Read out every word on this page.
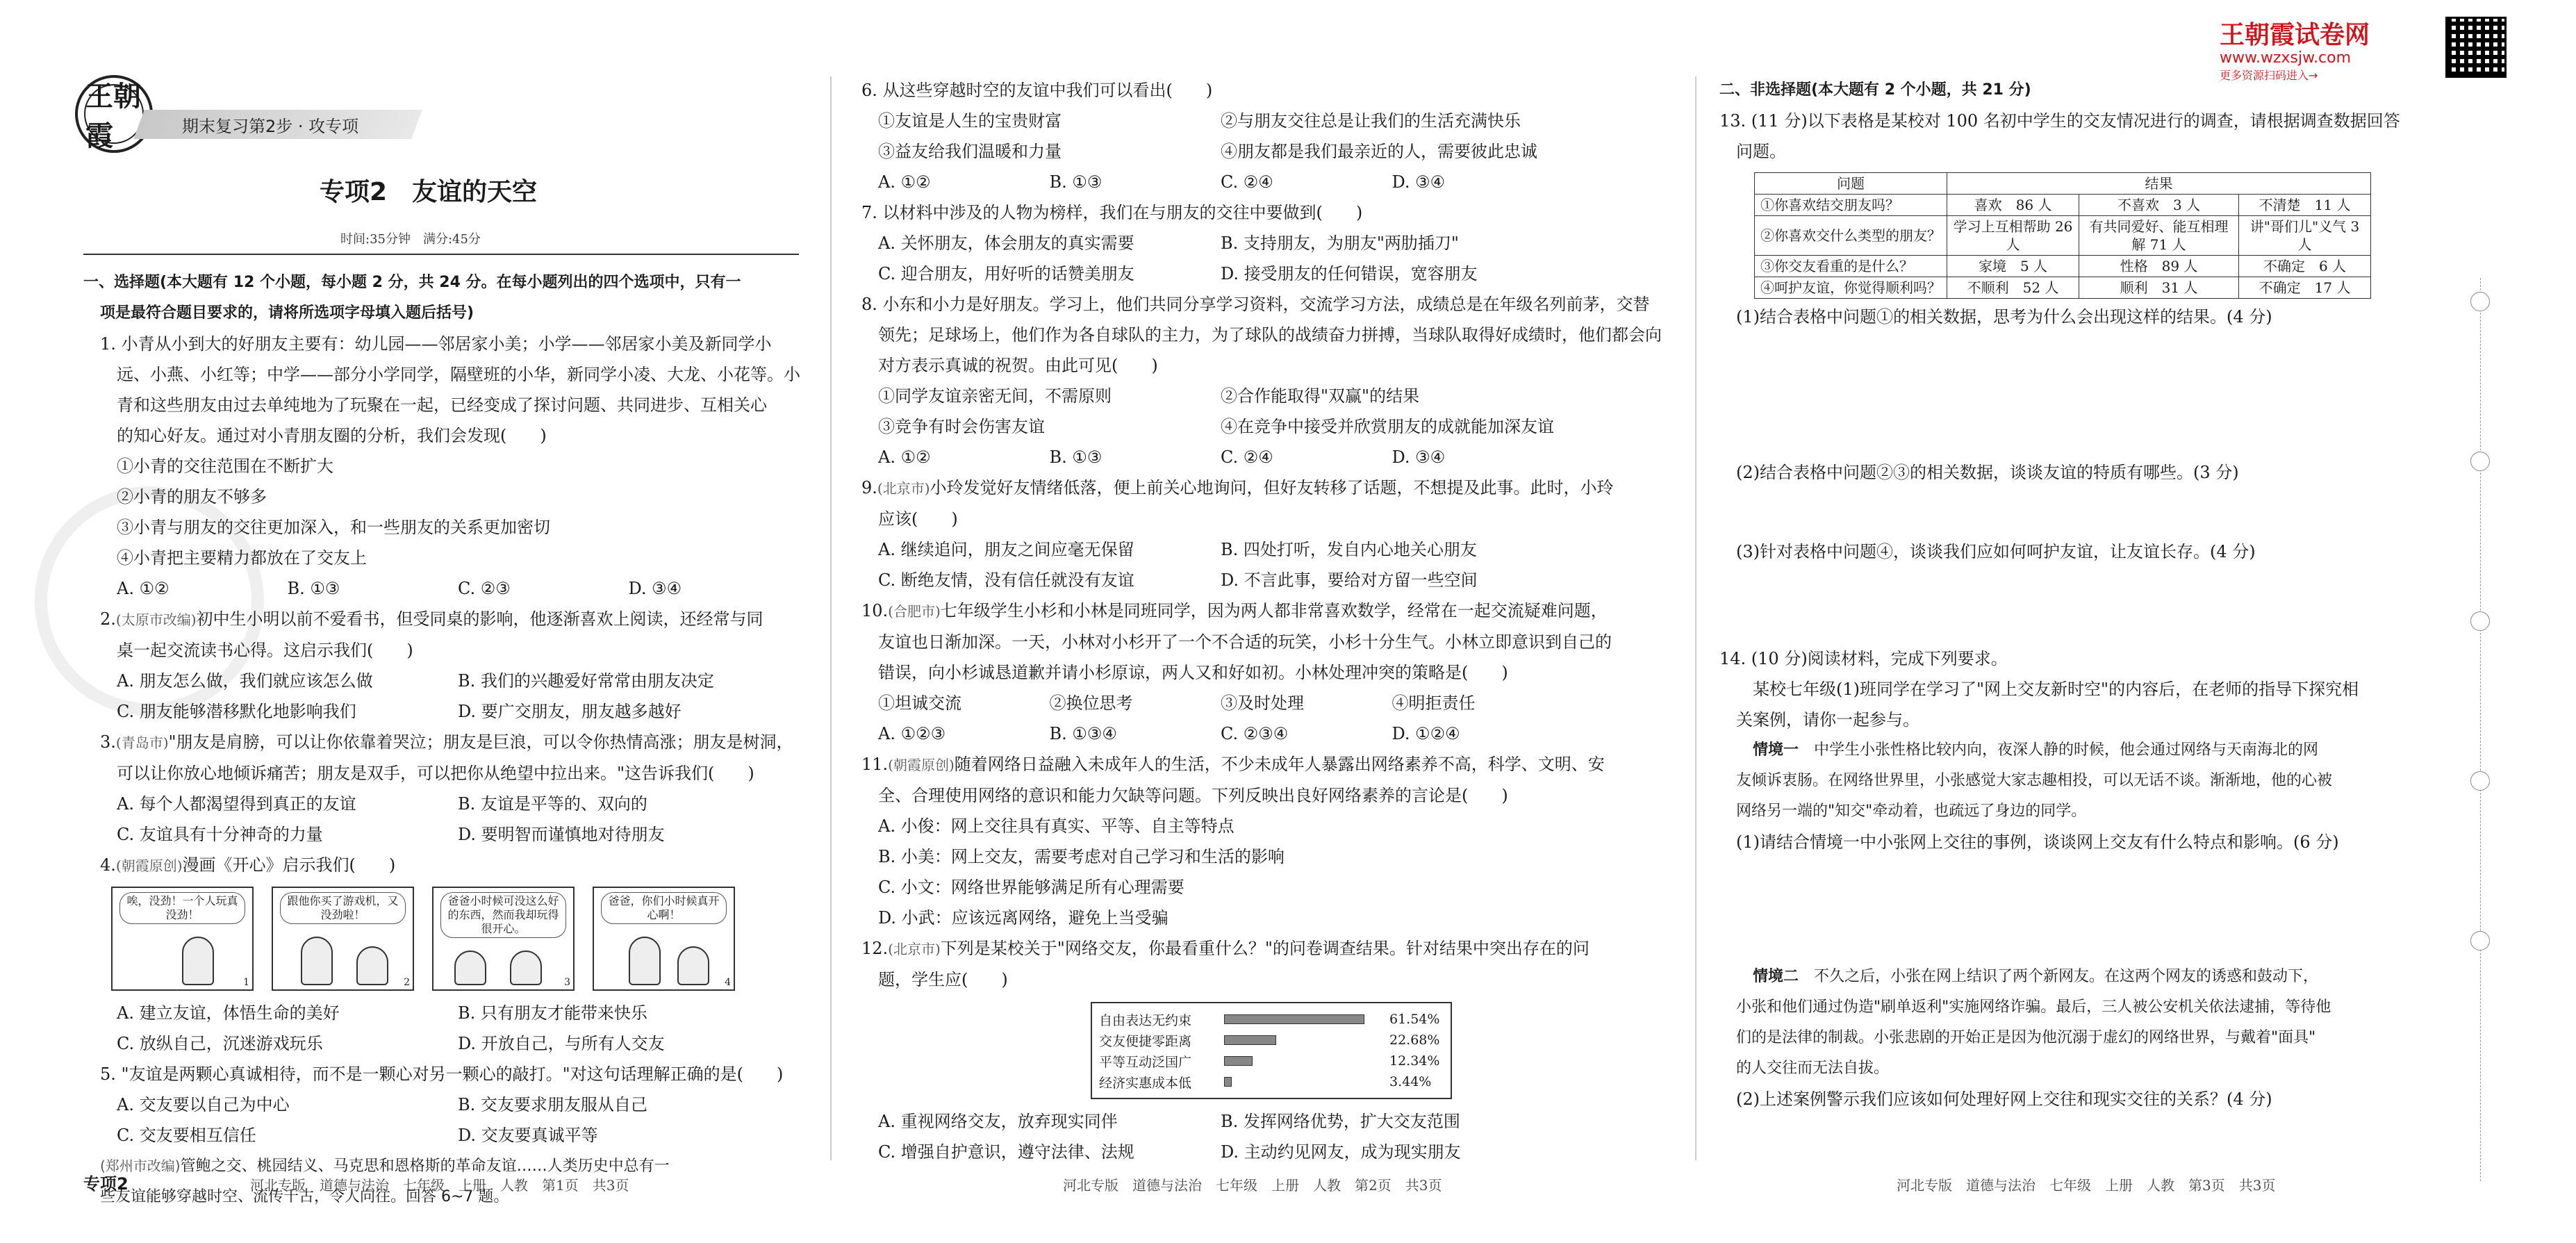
王朝霞试卷网
www.wzxsjw.com
更多资源扫码进入→
王朝霞	期末复习第2步 · 攻专项
专项2　友谊的天空
时间:35分钟　满分:45分
一、选择题(本大题有 12 个小题，每小题 2 分，共 24 分。在每小题列出的四个选项中，只有一
项是最符合题目要求的，请将所选项字母填入题后括号)
1. 小青从小到大的好朋友主要有：幼儿园——邻居家小美；小学——邻居家小美及新同学小
远、小燕、小红等；中学——部分小学同学，隔壁班的小华，新同学小凌、大龙、小花等。小
青和这些朋友由过去单纯地为了玩聚在一起，已经变成了探讨问题、共同进步、互相关心
的知心好友。通过对小青朋友圈的分析，我们会发现(　　)
①小青的交往范围在不断扩大
②小青的朋友不够多
③小青与朋友的交往更加深入，和一些朋友的关系更加密切
④小青把主要精力都放在了交友上
A. ①②	B. ①③	C. ②③	D. ③④
2.(太原市改编)初中生小明以前不爱看书，但受同桌的影响，他逐渐喜欢上阅读，还经常与同
桌一起交流读书心得。这启示我们(　　)
A. 朋友怎么做，我们就应该怎么做	B. 我们的兴趣爱好常常由朋友决定
C. 朋友能够潜移默化地影响我们	D. 要广交朋友，朋友越多越好
3.(青岛市)"朋友是肩膀，可以让你依靠着哭泣；朋友是巨浪，可以令你热情高涨；朋友是树洞，
可以让你放心地倾诉痛苦；朋友是双手，可以把你从绝望中拉出来。"这告诉我们(　　)
A. 每个人都渴望得到真正的友谊	B. 友谊是平等的、双向的
C. 友谊具有十分神奇的力量	D. 要明智而谨慎地对待朋友
4.(朝霞原创)漫画《开心》启示我们(　　)
唉，没劲！一个人玩真没劲！
1
跟他你买了游戏机，又没劲啦！
2
爸爸小时候可没这么好的东西，然而我却玩得很开心。
3
爸爸，你们小时候真开心啊！
4
A. 建立友谊，体悟生命的美好	B. 只有朋友才能带来快乐
C. 放纵自己，沉迷游戏玩乐	D. 开放自己，与所有人交友
5. "友谊是两颗心真诚相待，而不是一颗心对另一颗心的敲打。"对这句话理解正确的是(　　)
A. 交友要以自己为中心	B. 交友要求朋友服从自己
C. 交友要相互信任	D. 交友要真诚平等
(郑州市改编)管鲍之交、桃园结义、马克思和恩格斯的革命友谊……人类历史中总有一
些友谊能够穿越时空、流传千古，令人向往。回答 6~7 题。
6. 从这些穿越时空的友谊中我们可以看出(　　)
①友谊是人生的宝贵财富	②与朋友交往总是让我们的生活充满快乐
③益友给我们温暖和力量	④朋友都是我们最亲近的人，需要彼此忠诚
A. ①②	B. ①③	C. ②④	D. ③④
7. 以材料中涉及的人物为榜样，我们在与朋友的交往中要做到(　　)
A. 关怀朋友，体会朋友的真实需要	B. 支持朋友，为朋友"两肋插刀"
C. 迎合朋友，用好听的话赞美朋友	D. 接受朋友的任何错误，宽容朋友
8. 小东和小力是好朋友。学习上，他们共同分享学习资料，交流学习方法，成绩总是在年级名列前茅，交替
领先；足球场上，他们作为各自球队的主力，为了球队的战绩奋力拼搏，当球队取得好成绩时，他们都会向
对方表示真诚的祝贺。由此可见(　　)
①同学友谊亲密无间，不需原则	②合作能取得"双赢"的结果
③竞争有时会伤害友谊	④在竞争中接受并欣赏朋友的成就能加深友谊
A. ①②	B. ①③	C. ②④	D. ③④
9.(北京市)小玲发觉好友情绪低落，便上前关心地询问，但好友转移了话题，不想提及此事。此时，小玲
应该(　　)
A. 继续追问，朋友之间应毫无保留	B. 四处打听，发自内心地关心朋友
C. 断绝友情，没有信任就没有友谊	D. 不言此事，要给对方留一些空间
10.(合肥市)七年级学生小杉和小林是同班同学，因为两人都非常喜欢数学，经常在一起交流疑难问题，
友谊也日渐加深。一天，小林对小杉开了一个不合适的玩笑，小杉十分生气。小林立即意识到自己的
错误，向小杉诚恳道歉并请小杉原谅，两人又和好如初。小林处理冲突的策略是(　　)
①坦诚交流	②换位思考	③及时处理	④明拒责任
A. ①②③	B. ①③④	C. ②③④	D. ①②④
11.(朝霞原创)随着网络日益融入未成年人的生活，不少未成年人暴露出网络素养不高，科学、文明、安
全、合理使用网络的意识和能力欠缺等问题。下列反映出良好网络素养的言论是(　　)
A. 小俊：网上交往具有真实、平等、自主等特点
B. 小美：网上交友，需要考虑对自己学习和生活的影响
C. 小文：网络世界能够满足所有心理需要
D. 小武：应该远离网络，避免上当受骗
12.(北京市)下列是某校关于"网络交友，你最看重什么？"的问卷调查结果。针对结果中突出存在的问
题，学生应(　　)
自由表达无约束	61.54%
交友便捷零距离	22.68%
平等互动泛国广	12.34%
经济实惠成本低	3.44%
A. 重视网络交友，放弃现实同伴	B. 发挥网络优势，扩大交友范围
C. 增强自护意识，遵守法律、法规	D. 主动约见网友，成为现实朋友
二、非选择题(本大题有 2 个小题，共 21 分)
13. (11 分)以下表格是某校对 100 名初中学生的交友情况进行的调查，请根据调查数据回答
问题。
问题	结果		
①你喜欢结交朋友吗？	喜欢　86 人	不喜欢　3 人	不清楚　11 人
②你喜欢交什么类型的朋友？	学习上互相帮助 26 人	有共同爱好、能互相理解 71 人	讲"哥们儿"义气 3 人
③你交友看重的是什么？	家境　5 人	性格　89 人	不确定　6 人
④呵护友谊，你觉得顺利吗？	不顺利　52 人	顺利　31 人	不确定　17 人
(1)结合表格中问题①的相关数据，思考为什么会出现这样的结果。(4 分)
(2)结合表格中问题②③的相关数据，谈谈友谊的特质有哪些。(3 分)
(3)针对表格中问题④，谈谈我们应如何呵护友谊，让友谊长存。(4 分)
14. (10 分)阅读材料，完成下列要求。
某校七年级(1)班同学在学习了"网上交友新时空"的内容后，在老师的指导下探究相
关案例，请你一起参与。
情境一　 中学生小张性格比较内向，夜深人静的时候，他会通过网络与天南海北的网
友倾诉衷肠。在网络世界里，小张感觉大家志趣相投，可以无话不谈。渐渐地，他的心被
网络另一端的"知交"牵动着，也疏远了身边的同学。
(1)请结合情境一中小张网上交往的事例，谈谈网上交友有什么特点和影响。(6 分)
情境二　 不久之后，小张在网上结识了两个新网友。在这两个网友的诱惑和鼓动下，
小张和他们通过伪造"刷单返利"实施网络诈骗。最后，三人被公安机关依法逮捕，等待他
们的是法律的制裁。小张悲剧的开始正是因为他沉溺于虚幻的网络世界，与戴着"面具"
的人交往而无法自拔。
(2)上述案例警示我们应该如何处理好网上交往和现实交往的关系？(4 分)
专项2	河北专版　道德与法治　七年级　上册　人教　第1页　共3页	河北专版　道德与法治　七年级　上册　人教　第2页　共3页	河北专版　道德与法治　七年级　上册　人教　第3页　共3页
